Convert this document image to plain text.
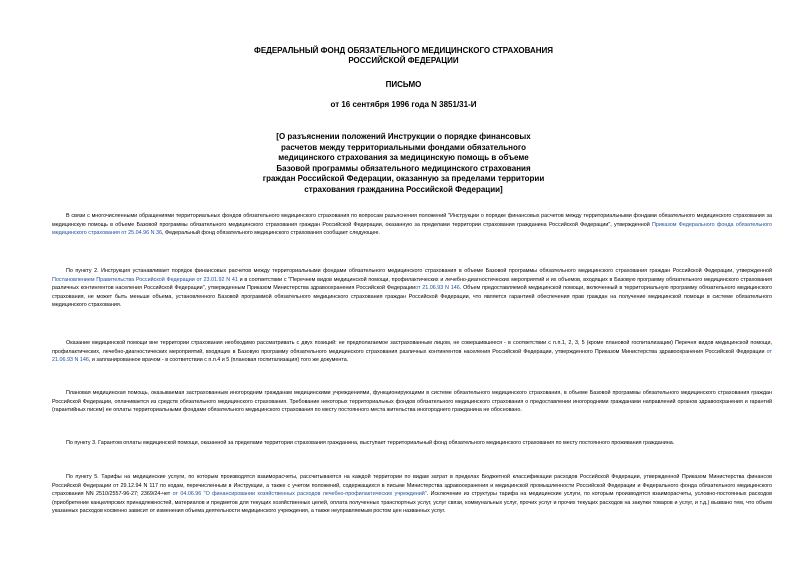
ФЕДЕРАЛЬНЫЙ ФОНД ОБЯЗАТЕЛЬНОГО МЕДИЦИНСКОГО СТРАХОВАНИЯ
РОССИЙСКОЙ ФЕДЕРАЦИИ
ПИСЬМО
от 16 сентября 1996 года N 3851/31-И
[О разъяснении положений Инструкции о порядке финансовых
расчетов между территориальными фондами обязательного
медицинского страхования за медицинскую помощь в объеме
Базовой программы обязательного медицинского страхования
граждан Российской Федерации, оказанную за пределами территории
страхования гражданина Российской Федерации]

В связи с многочисленными обращениями территориальных фондов обязательного медицинского страхования по вопросам разъяснения положений "Инструкции о порядке финансовых расчетов между территориальными фондами обязательного медицинского страхования за медицинскую помощь в объеме Базовой программы обязательного медицинского страхования граждан Российской Федерации, оказанную за пределами территории страхования гражданина Российской Федерации", утвержденной Приказом Федерального фонда обязательного медицинского страхования от 25.04.96 N 36, Федеральный фонд обязательного медицинского страхования сообщает следующее.

По пункту 2. Инструкция устанавливает порядок финансовых расчетов между территориальными фондами обязательного медицинского страхования в объеме Базовой программы обязательного медицинского страхования граждан Российской Федерации, утвержденной Постановлением Правительства Российской Федерации от 23.01.92 N 41 и в соответствии с "Перечнем видов медицинской помощи, профилактических и лечебно-диагностических мероприятий и их объемов, входящих в Базовую программу обязательного медицинского страхования различных контингентов населения Российской Федерации", утвержденным Приказом Министерства здравоохранения Российской Федерацииот 21.06.93 N 146. Объем предоставляемой медицинской помощи, включенный в территориальную программу обязательного медицинского страхования, не может быть меньше объема, установленного Базовой программой обязательного медицинского страхования граждан Российской Федерации, что является гарантией обеспечения прав граждан на получение медицинской помощи в системе обязательного медицинского страхования.

Оказание медицинской помощи вне территории страхования необходимо рассматривать с двух позиций: не предполагаемое застрахованным лицом, не совершившееся - в соответствии с п.п.1, 2, 3, 5 (кроме плановой госпитализации) Перечня видов медицинской помощи, профилактических, лечебно-диагностических мероприятий, входящих в Базовую программу обязательного медицинского страхования различных контингентов населения Российской Федерации, утвержденного Приказом Министерства здравоохранения Российской Федерации от 21.06.93 N 146, и запланированное врачом - в соответствии с п.п.4 и 5 (плановая госпитализация) того же документа.

Плановая медицинская помощь, оказываемая застрахованным иногородним гражданам медицинскими учреждениями, функционирующими в системе обязательного медицинского страхования, в объеме Базовой программы обязательного медицинского страхования граждан Российской Федерации, оплачивается из средств обязательного медицинского страхования. Требование некоторых территориальных фондов обязательного медицинского страхования о предоставлении иногородними гражданами направлений органов здравоохранения и гарантий (гарантийных писем) ее оплаты территориальными фондами обязательного медицинского страхования по месту постоянного места жительства иногороднего гражданина не обосновано.

По пункту 3. Гарантом оплаты медицинской помощи, оказанной за пределами территории страхования гражданина, выступает территориальный фонд обязательного медицинского страхования по месту постоянного проживания гражданина.

По пункту 5. Тарифы на медицинские услуги, по которым производятся взаиморасчеты, рассчитываются на каждой территории по видам затрат в пределах Бюджетной классификации расходов Российской Федерации, утвержденной Приказом Министерства финансов Российской Федерации от 29.12.94 N 117 по кодам, перечисленным в Инструкции, а также с учетом положений, содержащихся в письме Министерства здравоохранения и медицинской промышленности Российской Федерации и Федерального фонда обязательного медицинского страхования NN 2510/2557-96-27; 2369/24-чет от 04.06.96 "О финансировании хозяйственных расходов лечебно-профилактических учреждений". Исключение из структуры тарифа на медицинские услуги, по которым производятся взаиморасчеты, условно-постоянных расходов (приобретение канцелярских принадлежностей, материалов и предметов для текущих хозяйственных целей, оплата полученных транспортных услуг, услуг связи, коммунальных услуг, прочих услуг и прочих текущих расходов на закупки товаров и услуг, и т.д.) вызвано тем, что объем указанных расходов косвенно зависит от изменения объема деятельности медицинского учреждения, а также неуправляемым ростом цен названных услуг.
